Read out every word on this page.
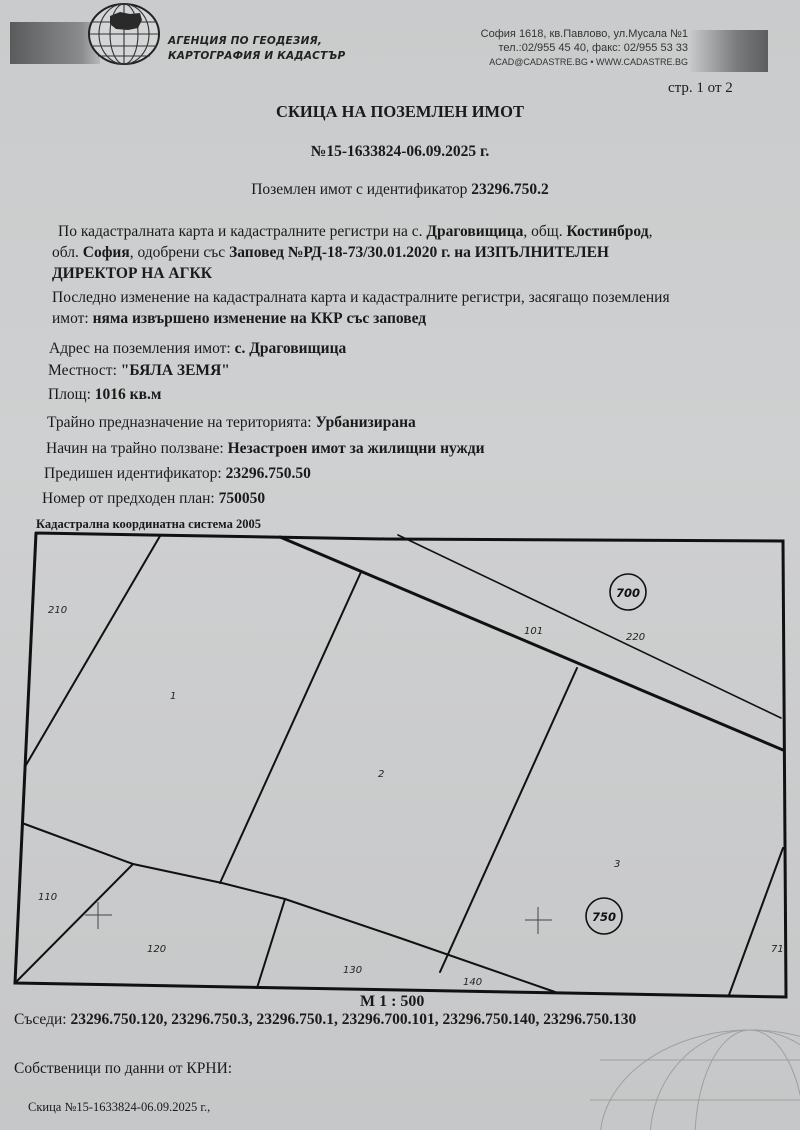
АГЕНЦИЯ ПО ГЕОДЕЗИЯ,
КАРТОГРАФИЯ И КАДАСТЪР
София 1618, кв.Павлово, ул.Мусала №1
тел.:02/955 45 40, факс: 02/955 53 33
ACAD@CADASTRE.BG • WWW.CADASTRE.BG
стр. 1 от 2
СКИЦА НА ПОЗЕМЛЕН ИМОТ
№15-1633824-06.09.2025 г.
Поземлен имот с идентификатор 23296.750.2
По кадастралната карта и кадастралните регистри на с. Драговищица, общ. Костинброд,
обл. София, одобрени със Заповед №РД-18-73/30.01.2020 г. на ИЗПЪЛНИТЕЛЕН
ДИРЕКТОР НА АГКК
Последно изменение на кадастралната карта и кадастралните регистри, засягащо поземления
имот: няма извършено изменение на ККР със заповед
Адрес на поземления имот: с. Драговищица
Местност: "БЯЛА ЗЕМЯ"
Площ: 1016 кв.м
Трайно предназначение на територията: Урбанизирана
Начин на трайно ползване: Незастроен имот за жилищни нужди
Предишен идентификатор: 23296.750.50
Номер от предходен план: 750050
Кадастрална координатна система 2005
210
1
2
3
101
220
110
120
130
140
71
700
750
М 1 : 500
Съседи: 23296.750.120, 23296.750.3, 23296.750.1, 23296.700.101, 23296.750.140, 23296.750.130
Собственици по данни от КРНИ:
Скица №15-1633824-06.09.2025 г.,
